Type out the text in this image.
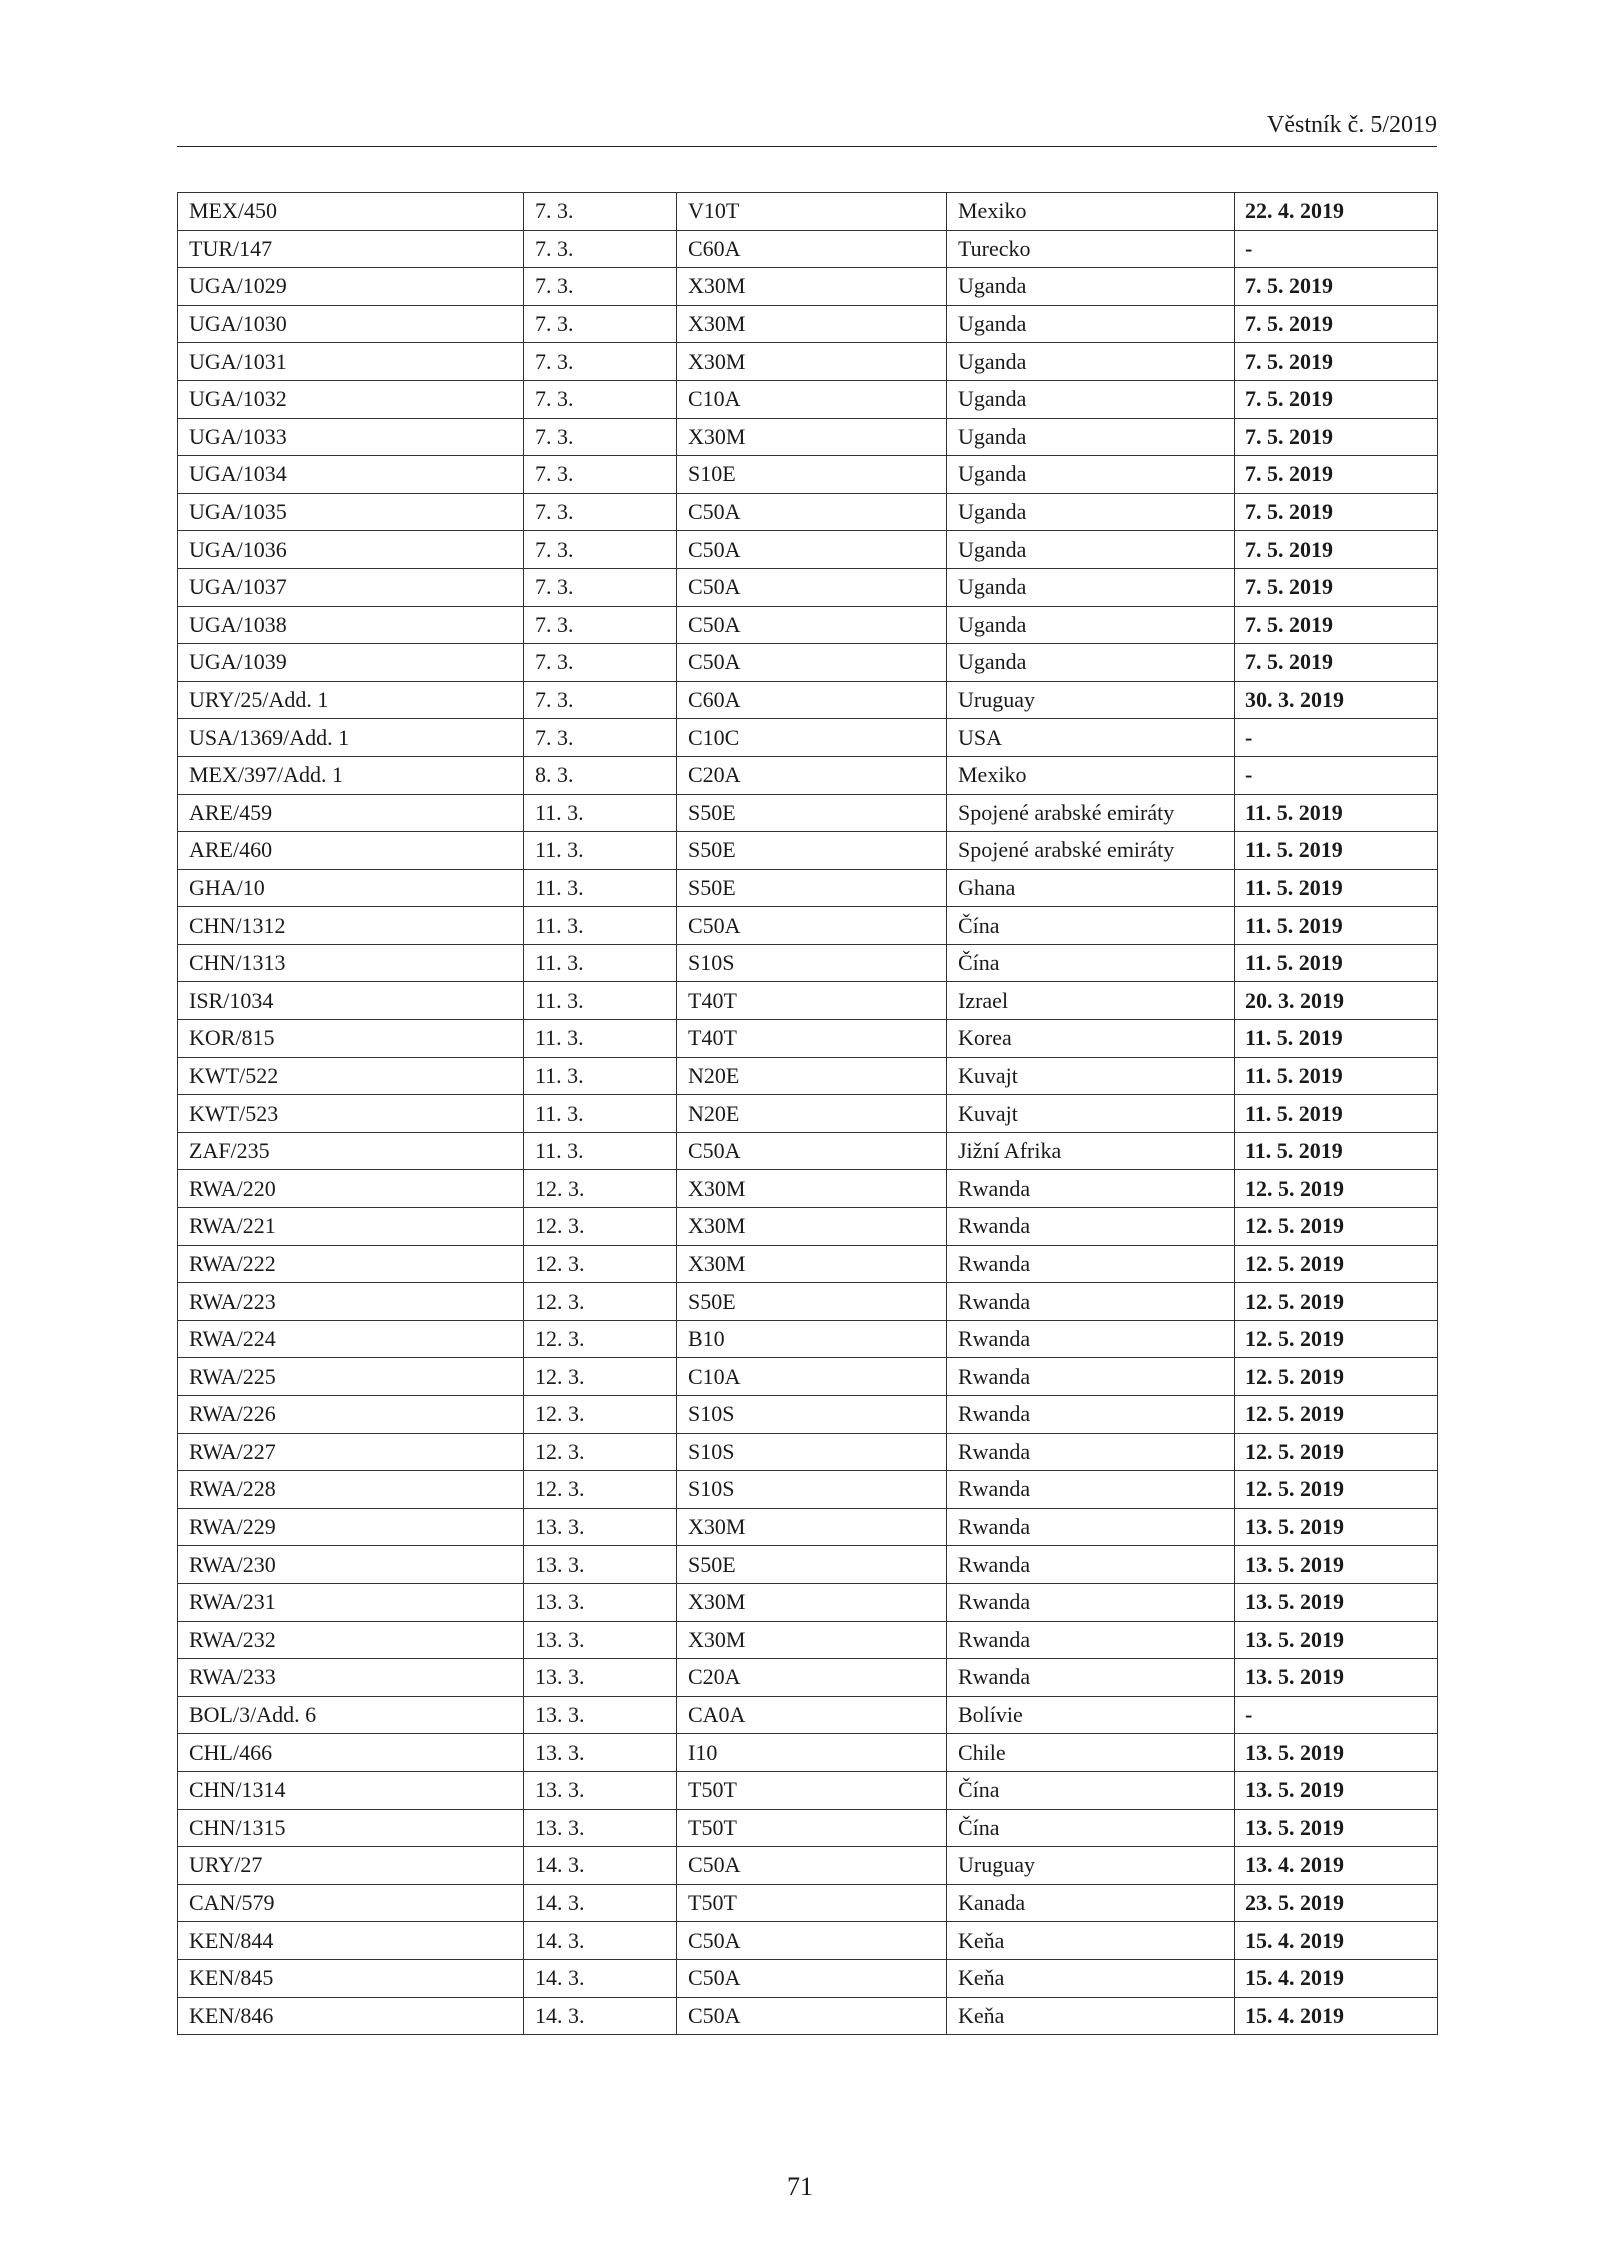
Věstník č. 5/2019
MEX/450	7. 3.	V10T	Mexiko	22. 4. 2019
TUR/147	7. 3.	C60A	Turecko	-
UGA/1029	7. 3.	X30M	Uganda	7. 5. 2019
UGA/1030	7. 3.	X30M	Uganda	7. 5. 2019
UGA/1031	7. 3.	X30M	Uganda	7. 5. 2019
UGA/1032	7. 3.	C10A	Uganda	7. 5. 2019
UGA/1033	7. 3.	X30M	Uganda	7. 5. 2019
UGA/1034	7. 3.	S10E	Uganda	7. 5. 2019
UGA/1035	7. 3.	C50A	Uganda	7. 5. 2019
UGA/1036	7. 3.	C50A	Uganda	7. 5. 2019
UGA/1037	7. 3.	C50A	Uganda	7. 5. 2019
UGA/1038	7. 3.	C50A	Uganda	7. 5. 2019
UGA/1039	7. 3.	C50A	Uganda	7. 5. 2019
URY/25/Add. 1	7. 3.	C60A	Uruguay	30. 3. 2019
USA/1369/Add. 1	7. 3.	C10C	USA	-
MEX/397/Add. 1	8. 3.	C20A	Mexiko	-
ARE/459	11. 3.	S50E	Spojené arabské emiráty	11. 5. 2019
ARE/460	11. 3.	S50E	Spojené arabské emiráty	11. 5. 2019
GHA/10	11. 3.	S50E	Ghana	11. 5. 2019
CHN/1312	11. 3.	C50A	Čína	11. 5. 2019
CHN/1313	11. 3.	S10S	Čína	11. 5. 2019
ISR/1034	11. 3.	T40T	Izrael	20. 3. 2019
KOR/815	11. 3.	T40T	Korea	11. 5. 2019
KWT/522	11. 3.	N20E	Kuvajt	11. 5. 2019
KWT/523	11. 3.	N20E	Kuvajt	11. 5. 2019
ZAF/235	11. 3.	C50A	Jižní Afrika	11. 5. 2019
RWA/220	12. 3.	X30M	Rwanda	12. 5. 2019
RWA/221	12. 3.	X30M	Rwanda	12. 5. 2019
RWA/222	12. 3.	X30M	Rwanda	12. 5. 2019
RWA/223	12. 3.	S50E	Rwanda	12. 5. 2019
RWA/224	12. 3.	B10	Rwanda	12. 5. 2019
RWA/225	12. 3.	C10A	Rwanda	12. 5. 2019
RWA/226	12. 3.	S10S	Rwanda	12. 5. 2019
RWA/227	12. 3.	S10S	Rwanda	12. 5. 2019
RWA/228	12. 3.	S10S	Rwanda	12. 5. 2019
RWA/229	13. 3.	X30M	Rwanda	13. 5. 2019
RWA/230	13. 3.	S50E	Rwanda	13. 5. 2019
RWA/231	13. 3.	X30M	Rwanda	13. 5. 2019
RWA/232	13. 3.	X30M	Rwanda	13. 5. 2019
RWA/233	13. 3.	C20A	Rwanda	13. 5. 2019
BOL/3/Add. 6	13. 3.	CA0A	Bolívie	-
CHL/466	13. 3.	I10	Chile	13. 5. 2019
CHN/1314	13. 3.	T50T	Čína	13. 5. 2019
CHN/1315	13. 3.	T50T	Čína	13. 5. 2019
URY/27	14. 3.	C50A	Uruguay	13. 4. 2019
CAN/579	14. 3.	T50T	Kanada	23. 5. 2019
KEN/844	14. 3.	C50A	Keňa	15. 4. 2019
KEN/845	14. 3.	C50A	Keňa	15. 4. 2019
KEN/846	14. 3.	C50A	Keňa	15. 4. 2019
71
